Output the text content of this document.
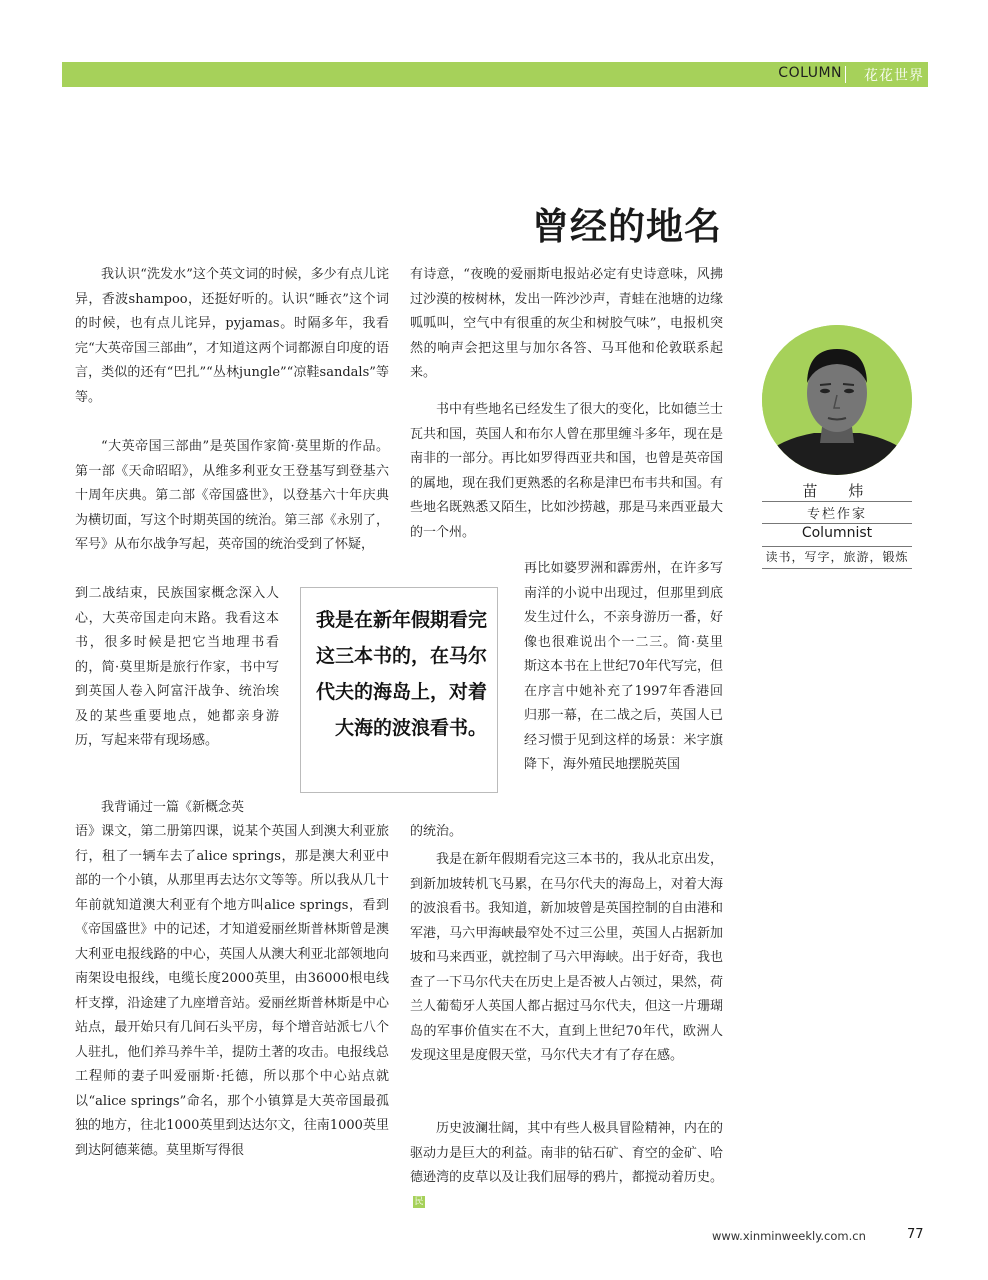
COLUMN 花花世界
曾经的地名

我认识“洗发水”这个英文词的时候，多少有点儿诧异，香波shampoo，还挺好听的。认识“睡衣”这个词的时候，也有点儿诧异，pyjamas。时隔多年，我看完“大英帝国三部曲”，才知道这两个词都源自印度的语言，类似的还有“巴扎”“丛林jungle”“凉鞋sandals”等等。

“大英帝国三部曲”是英国作家简·莫里斯的作品。第一部《天命昭昭》，从维多利亚女王登基写到登基六十周年庆典。第二部《帝国盛世》，以登基六十年庆典为横切面，写这个时期英国的统治。第三部《永别了，军号》从布尔战争写起，英帝国的统治受到了怀疑，

到二战结束，民族国家概念深入人心，大英帝国走向末路。我看这本书，很多时候是把它当地理书看的，简·莫里斯是旅行作家，书中写到英国人卷入阿富汗战争、统治埃及的某些重要地点，她都亲身游历，写起来带有现场感。

我背诵过一篇《新概念英

语》课文，第二册第四课，说某个英国人到澳大利亚旅行，租了一辆车去了alice springs，那是澳大利亚中部的一个小镇，从那里再去达尔文等等。所以我从几十年前就知道澳大利亚有个地方叫alice springs，看到《帝国盛世》中的记述，才知道爱丽丝斯普林斯曾是澳大利亚电报线路的中心，英国人从澳大利亚北部领地向南架设电报线，电缆长度2000英里，由36000根电线杆支撑，沿途建了九座增音站。爱丽丝斯普林斯是中心站点，最开始只有几间石头平房，每个增音站派七八个人驻扎，他们养马养牛羊，提防土著的攻击。电报线总工程师的妻子叫爱丽斯·托德，所以那个中心站点就以“alice springs”命名，那个小镇算是大英帝国最孤独的地方，往北1000英里到达达尔文，往南1000英里到达阿德莱德。莫里斯写得很

我是在新年假期看完这三本书的，在马尔代夫的海岛上，对着大海的波浪看书。

有诗意，“夜晚的爱丽斯电报站必定有史诗意味，风拂过沙漠的桉树林，发出一阵沙沙声，青蛙在池塘的边缘呱呱叫，空气中有很重的灰尘和树胶气味”，电报机突然的响声会把这里与加尔各答、马耳他和伦敦联系起来。

书中有些地名已经发生了很大的变化，比如德兰士瓦共和国，英国人和布尔人曾在那里缠斗多年，现在是南非的一部分。再比如罗得西亚共和国，也曾是英帝国的属地，现在我们更熟悉的名称是津巴布韦共和国。有些地名既熟悉又陌生，比如沙捞越，那是马来西亚最大的一个州。

再比如婆罗洲和霹雳州，在许多写南洋的小说中出现过，但那里到底发生过什么，不亲身游历一番，好像也很难说出个一二三。简·莫里斯这本书在上世纪70年代写完，但在序言中她补充了1997年香港回归那一幕，在二战之后，英国人已经习惯于见到这样的场景：米字旗降下，海外殖民地摆脱英国

的统治。

我是在新年假期看完这三本书的，我从北京出发，到新加坡转机飞马累，在马尔代夫的海岛上，对着大海的波浪看书。我知道，新加坡曾是英国控制的自由港和军港，马六甲海峡最窄处不过三公里，英国人占据新加坡和马来西亚，就控制了马六甲海峡。出于好奇，我也查了一下马尔代夫在历史上是否被人占领过，果然，荷兰人葡萄牙人英国人都占据过马尔代夫，但这一片珊瑚岛的军事价值实在不大，直到上世纪70年代，欧洲人发现这里是度假天堂，马尔代夫才有了存在感。

历史波澜壮阔，其中有些人极具冒险精神，内在的驱动力是巨大的利益。南非的钻石矿、育空的金矿、哈德逊湾的皮草以及让我们屈辱的鸦片，都搅动着历史。民

苗　炜
专栏作家
Columnist
读书，写字，旅游，锻炼
www.xinminweekly.com.cn	77
